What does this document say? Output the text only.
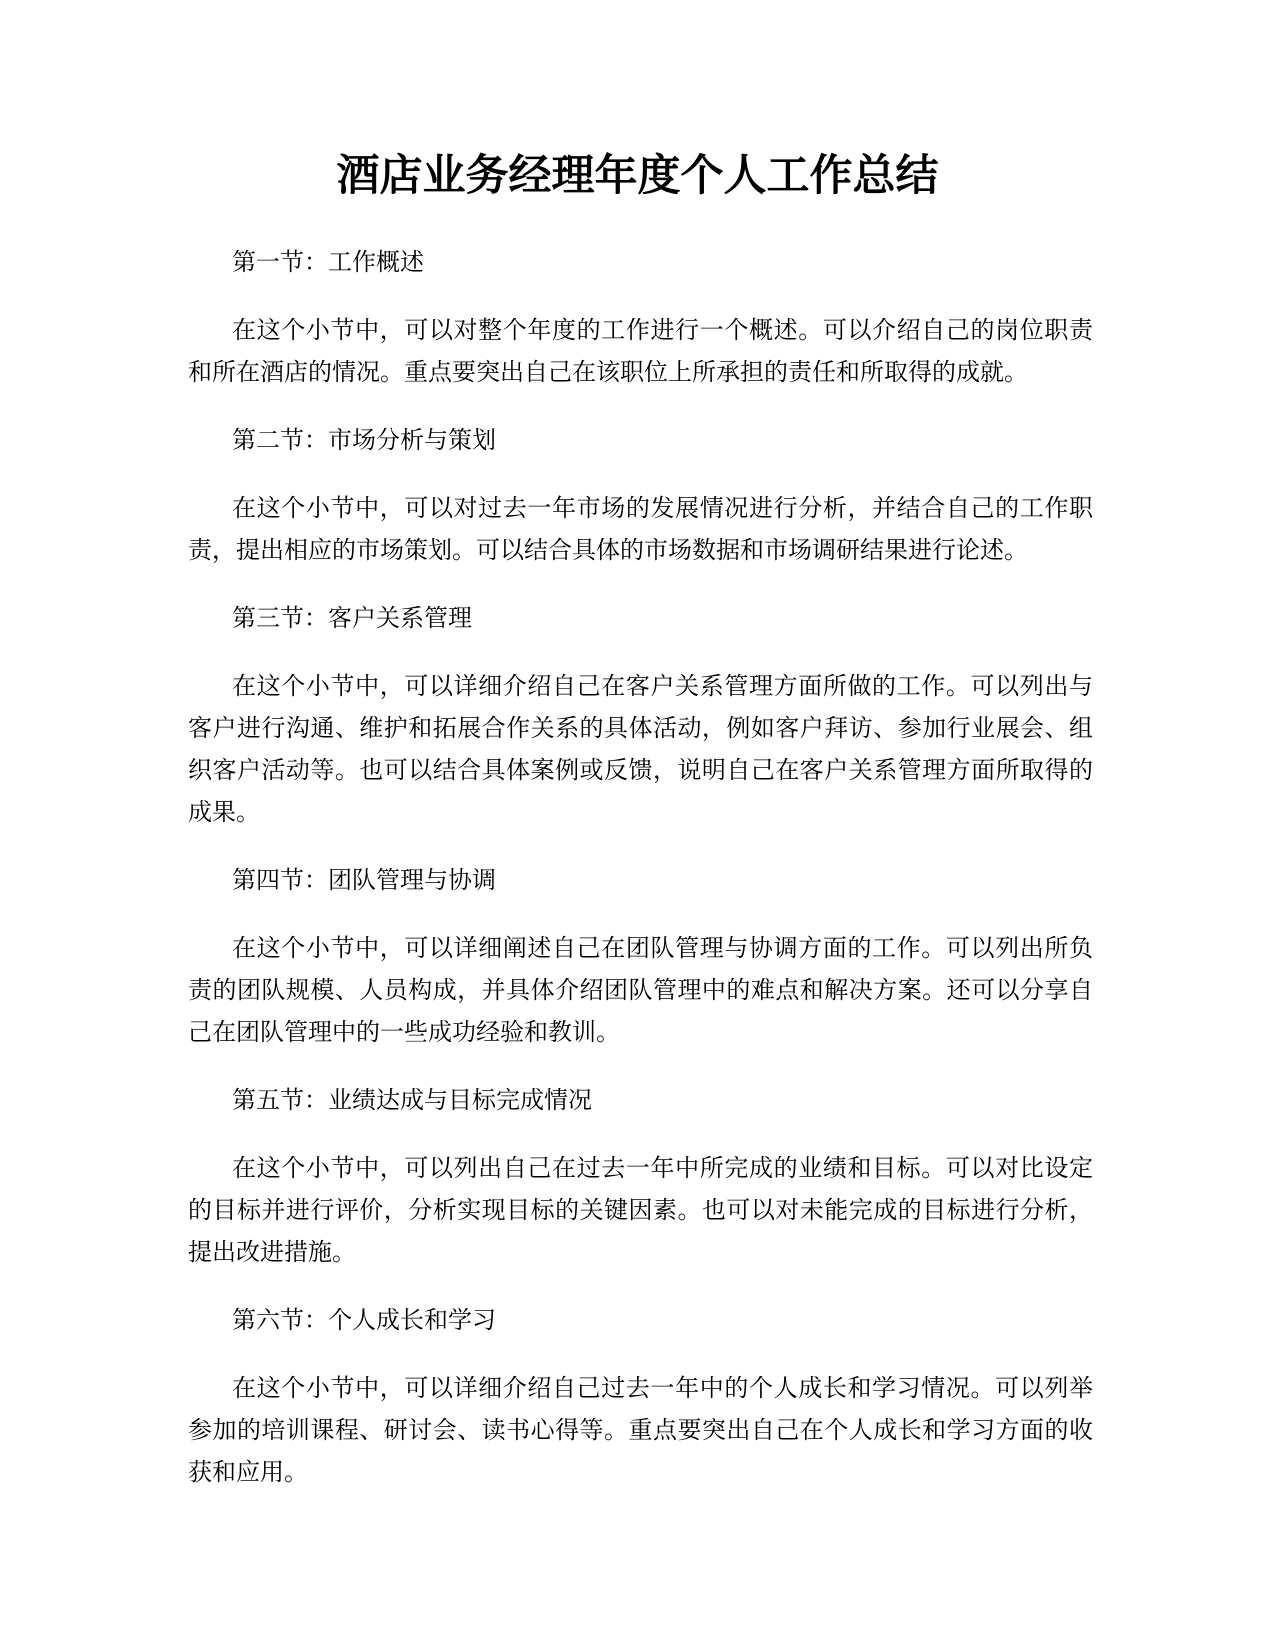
酒店业务经理年度个人工作总结

第一节：工作概述

在这个小节中，可以对整个年度的工作进行一个概述。可以介绍自己的岗位职责和所在酒店的情况。重点要突出自己在该职位上所承担的责任和所取得的成就。

第二节：市场分析与策划

在这个小节中，可以对过去一年市场的发展情况进行分析，并结合自己的工作职责，提出相应的市场策划。可以结合具体的市场数据和市场调研结果进行论述。

第三节：客户关系管理

在这个小节中，可以详细介绍自己在客户关系管理方面所做的工作。可以列出与客户进行沟通、维护和拓展合作关系的具体活动，例如客户拜访、参加行业展会、组织客户活动等。也可以结合具体案例或反馈，说明自己在客户关系管理方面所取得的成果。

第四节：团队管理与协调

在这个小节中，可以详细阐述自己在团队管理与协调方面的工作。可以列出所负责的团队规模、人员构成，并具体介绍团队管理中的难点和解决方案。还可以分享自己在团队管理中的一些成功经验和教训。

第五节：业绩达成与目标完成情况

在这个小节中，可以列出自己在过去一年中所完成的业绩和目标。可以对比设定的目标并进行评价，分析实现目标的关键因素。也可以对未能完成的目标进行分析，提出改进措施。

第六节：个人成长和学习

在这个小节中，可以详细介绍自己过去一年中的个人成长和学习情况。可以列举参加的培训课程、研讨会、读书心得等。重点要突出自己在个人成长和学习方面的收获和应用。
